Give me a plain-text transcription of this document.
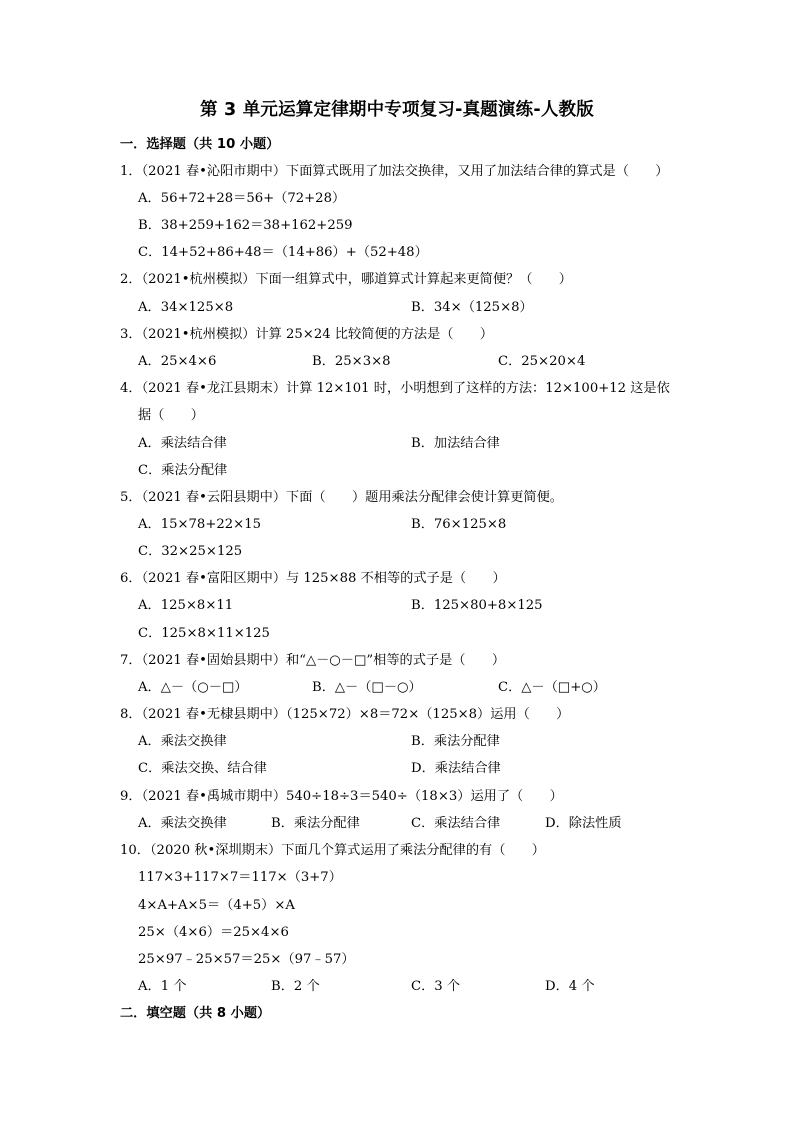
第 3 单元运算定律期中专项复习-真题演练-人教版
一．选择题（共 10 小题）
1．（2021 春•沁阳市期中）下面算式既用了加法交换律，又用了加法结合律的算式是（　　）
A．56+72+28＝56+（72+28）
B．38+259+162＝38+162+259
C．14+52+86+48＝（14+86）+（52+48）
2．（2021•杭州模拟）下面一组算式中，哪道算式计算起来更简便？（　　）
A．34×125×8	B．34×（125×8）
3．（2021•杭州模拟）计算 25×24 比较简便的方法是（　　）
A．25×4×6	B．25×3×8	C．25×20×4
4．（2021 春•龙江县期末）计算 12×101 时，小明想到了这样的方法：12×100+12 这是依
据（　　）
A．乘法结合律	B．加法结合律
C．乘法分配律
5．（2021 春•云阳县期中）下面（　　）题用乘法分配律会使计算更简便。
A．15×78+22×15	B．76×125×8
C．32×25×125
6．（2021 春•富阳区期中）与 125×88 不相等的式子是（　　）
A．125×8×11	B．125×80+8×125
C．125×8×11×125
7．（2021 春•固始县期中）和“△－○－□”相等的式子是（　　）
A．△－（○－□）	B．△－（□－○）	C．△－（□+○）
8．（2021 春•无棣县期中）（125×72）×8＝72×（125×8）运用（　　）
A．乘法交换律	B．乘法分配律
C．乘法交换、结合律	D．乘法结合律
9．（2021 春•禹城市期中）540÷18÷3＝540÷（18×3）运用了（　　）
A．乘法交换律	B．乘法分配律	C．乘法结合律	D．除法性质
10．（2020 秋•深圳期末）下面几个算式运用了乘法分配律的有（　　）
117×3+117×7＝117×（3+7）
4×A+A×5＝（4+5）×A
25×（4×6）＝25×4×6
25×97﹣25×57＝25×（97﹣57）
A．1 个	B．2 个	C．3 个	D．4 个
二．填空题（共 8 小题）
